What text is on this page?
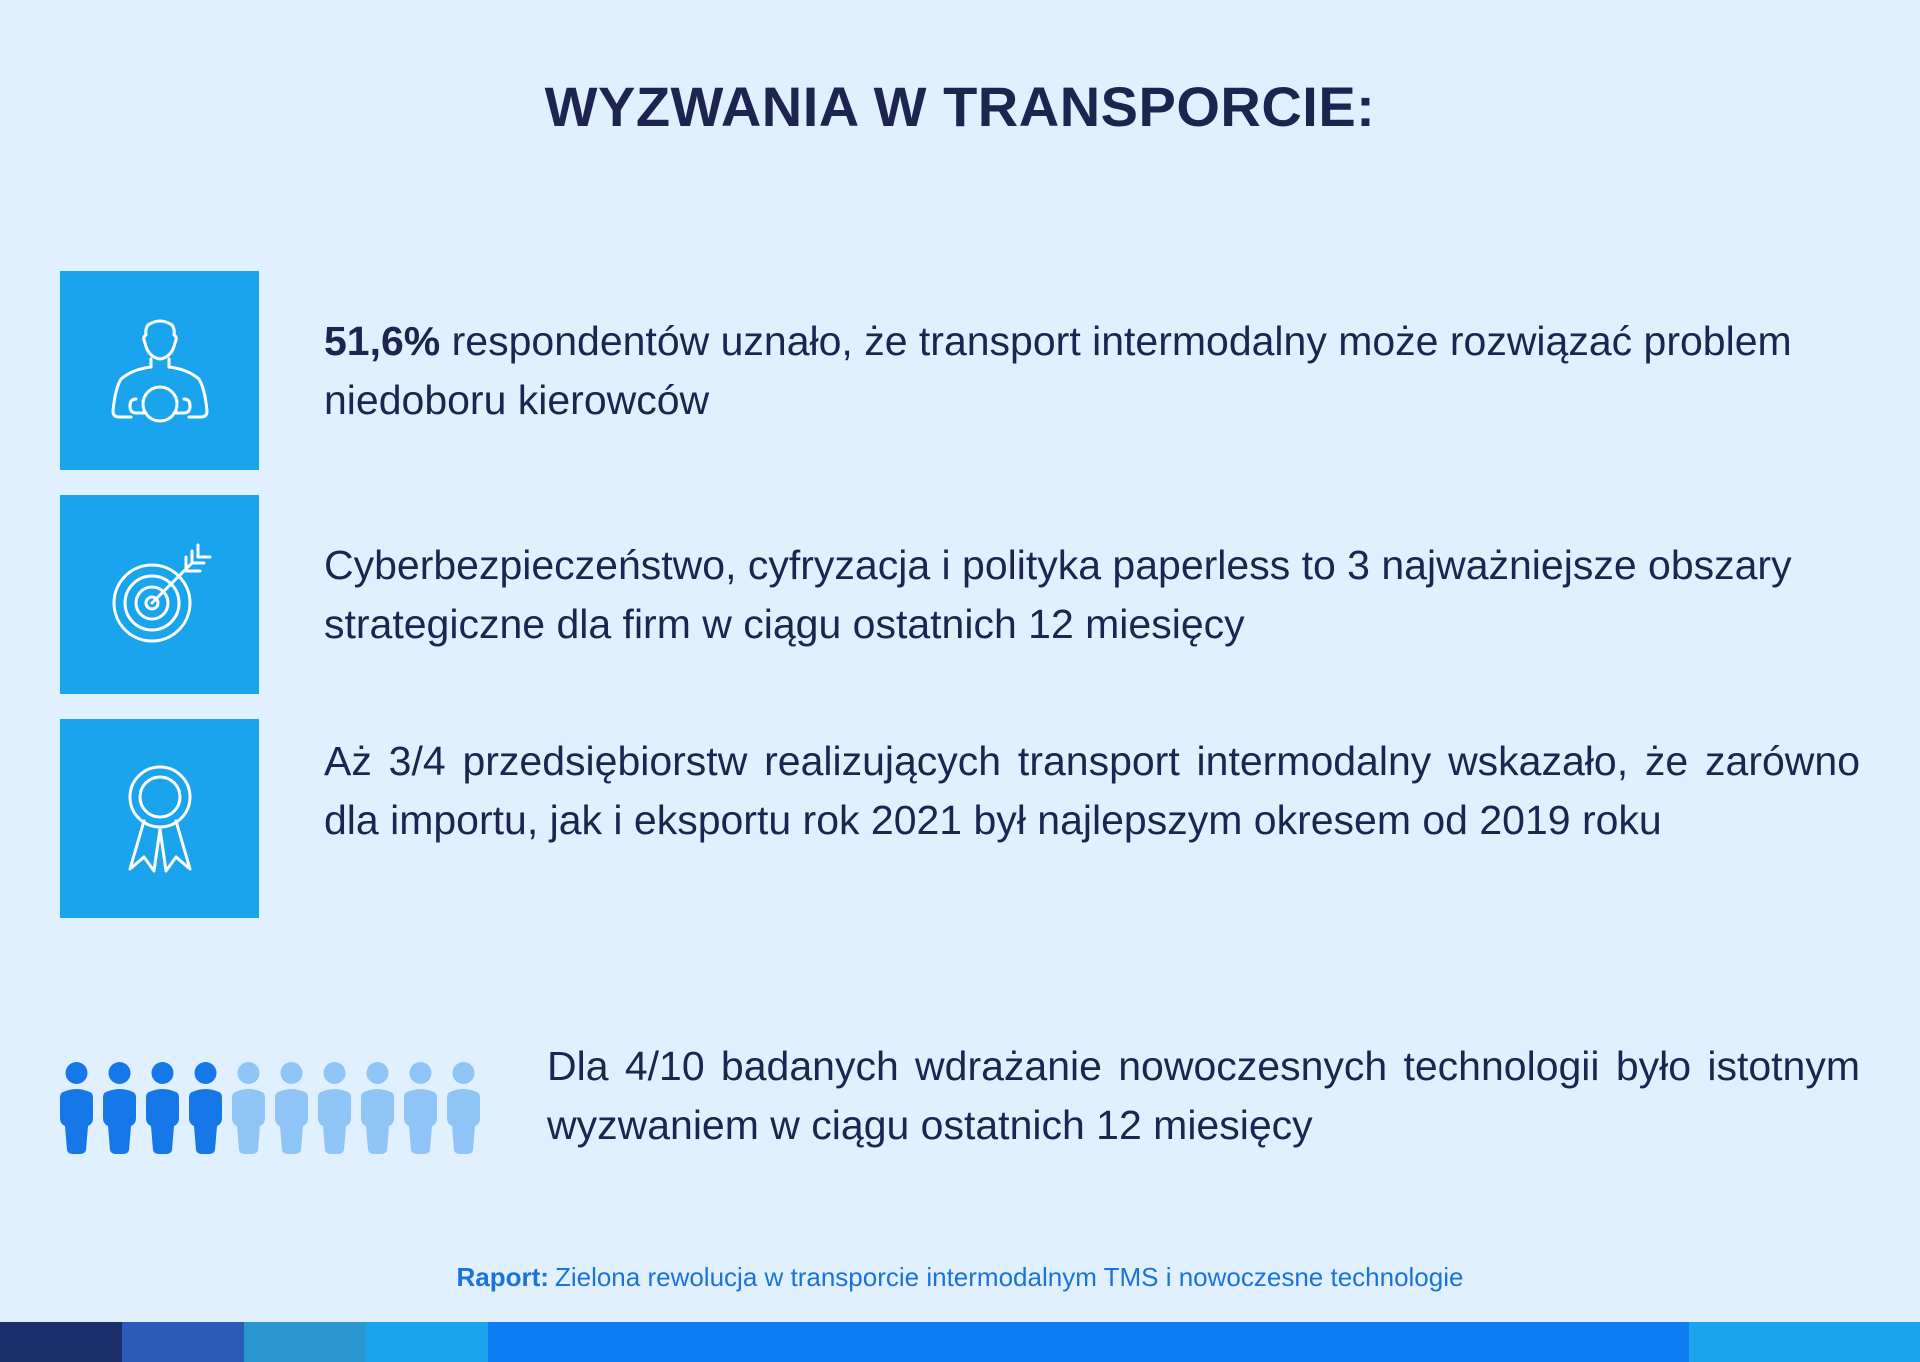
WYZWANIA W TRANSPORCIE:
51,6% respondentów uznało, że transport intermodalny może rozwiązać problem niedoboru kierowców
Cyberbezpieczeństwo, cyfryzacja i polityka paperless to 3 najważniejsze obszary strategiczne dla firm w ciągu ostatnich 12 miesięcy
Aż 3/4 przedsiębiorstw realizujących transport intermodalny wskazało, że zarówno dla importu, jak i eksportu rok 2021 był najlepszym okresem od 2019 roku
Dla 4/10 badanych wdrażanie nowoczesnych technologii było istotnym wyzwaniem w ciągu ostatnich 12 miesięcy
Raport: Zielona rewolucja w transporcie intermodalnym TMS i nowoczesne technologie
